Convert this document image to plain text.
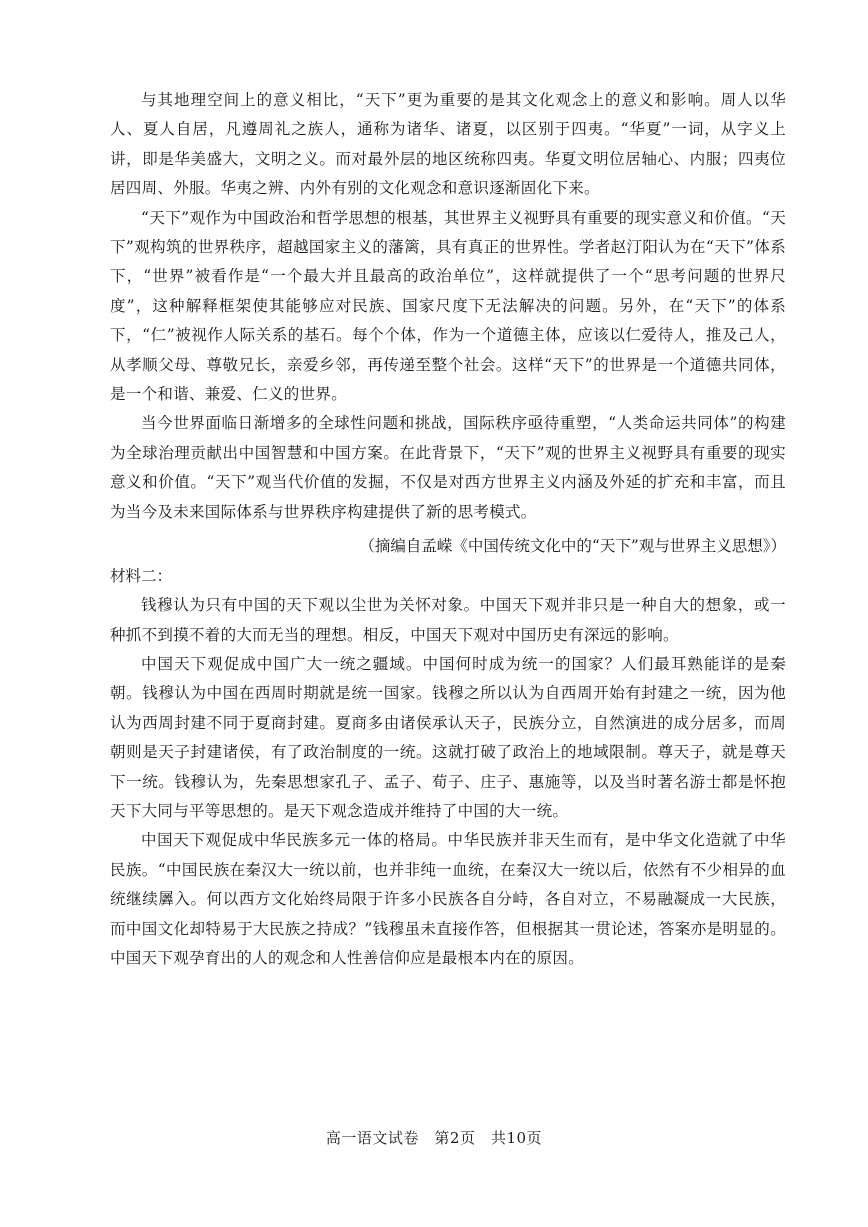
与其地理空间上的意义相比，“天下”更为重要的是其文化观念上的意义和影响。周人以华人、夏人自居，凡遵周礼之族人，通称为诸华、诸夏，以区别于四夷。“华夏”一词，从字义上讲，即是华美盛大，文明之义。而对最外层的地区统称四夷。华夏文明位居轴心、内服；四夷位居四周、外服。华夷之辨、内外有别的文化观念和意识逐渐固化下来。

“天下”观作为中国政治和哲学思想的根基，其世界主义视野具有重要的现实意义和价值。“天下”观构筑的世界秩序，超越国家主义的藩篱，具有真正的世界性。学者赵汀阳认为在“天下”体系下，“世界”被看作是“一个最大并且最高的政治单位”，这样就提供了一个“思考问题的世界尺度”，这种解释框架使其能够应对民族、国家尺度下无法解决的问题。另外，在“天下”的体系下，“仁”被视作人际关系的基石。每个个体，作为一个道德主体，应该以仁爱待人，推及己人，从孝顺父母、尊敬兄长，亲爱乡邻，再传递至整个社会。这样“天下”的世界是一个道德共同体，是一个和谐、兼爱、仁义的世界。

当今世界面临日渐增多的全球性问题和挑战，国际秩序亟待重塑，“人类命运共同体”的构建为全球治理贡献出中国智慧和中国方案。在此背景下，“天下”观的世界主义视野具有重要的现实意义和价值。“天下”观当代价值的发掘，不仅是对西方世界主义内涵及外延的扩充和丰富，而且为当今及未来国际体系与世界秩序构建提供了新的思考模式。

（摘编自孟嵘《中国传统文化中的“天下”观与世界主义思想》）

材料二：

钱穆认为只有中国的天下观以尘世为关怀对象。中国天下观并非只是一种自大的想象，或一种抓不到摸不着的大而无当的理想。相反，中国天下观对中国历史有深远的影响。

中国天下观促成中国广大一统之疆域。中国何时成为统一的国家？人们最耳熟能详的是秦朝。钱穆认为中国在西周时期就是统一国家。钱穆之所以认为自西周开始有封建之一统，因为他认为西周封建不同于夏商封建。夏商多由诸侯承认天子，民族分立，自然演进的成分居多，而周朝则是天子封建诸侯，有了政治制度的一统。这就打破了政治上的地域限制。尊天子，就是尊天下一统。钱穆认为，先秦思想家孔子、孟子、荀子、庄子、惠施等，以及当时著名游士都是怀抱天下大同与平等思想的。是天下观念造成并维持了中国的大一统。

中国天下观促成中华民族多元一体的格局。中华民族并非天生而有，是中华文化造就了中华民族。“中国民族在秦汉大一统以前，也并非纯一血统，在秦汉大一统以后，依然有不少相异的血统继续羼入。何以西方文化始终局限于许多小民族各自分峙，各自对立，不易融凝成一大民族，而中国文化却特易于大民族之持成？”钱穆虽未直接作答，但根据其一贯论述，答案亦是明显的。中国天下观孕育出的人的观念和人性善信仰应是最根本内在的原因。

高一语文试卷　第2页　共10页
